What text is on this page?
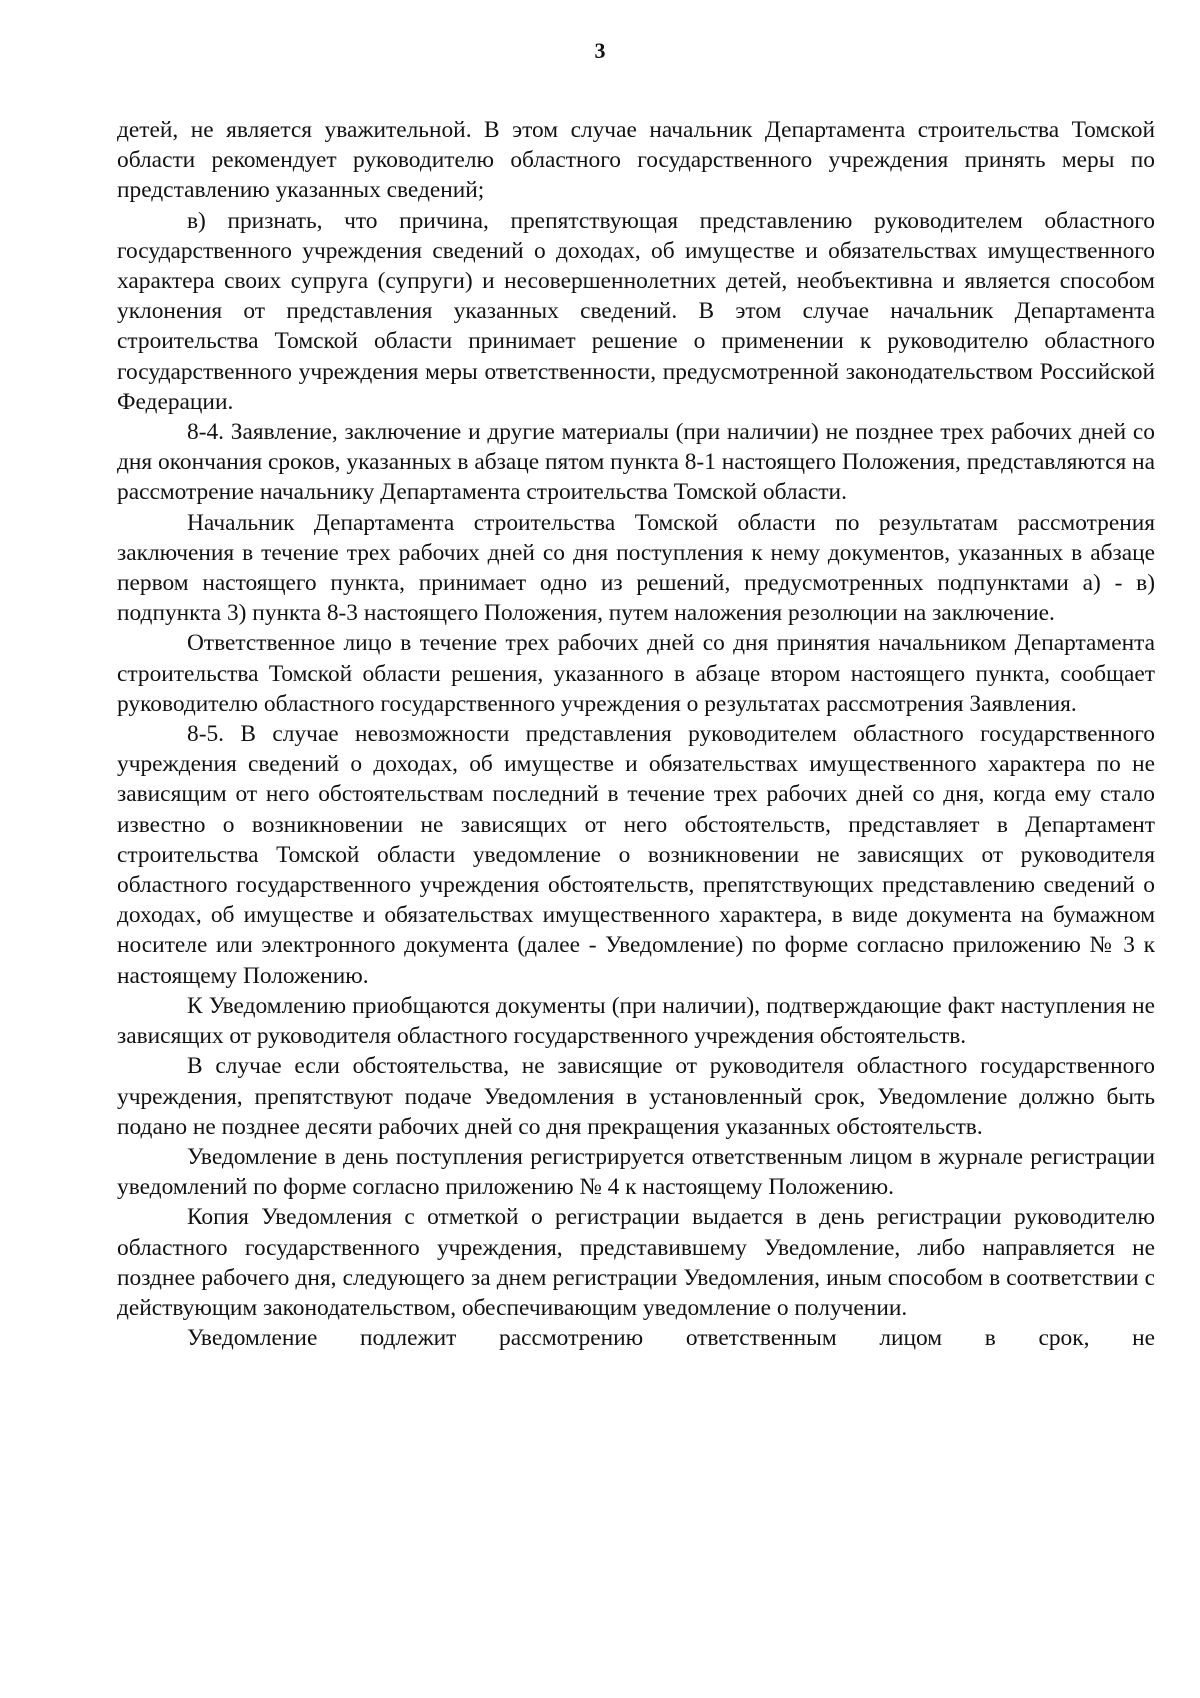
3

детей, не является уважительной. В этом случае начальник Департамента строительства Томской области рекомендует руководителю областного государственного учреждения принять меры по представлению указанных сведений;

в) признать, что причина, препятствующая представлению руководителем областного государственного учреждения сведений о доходах, об имуществе и обязательствах имущественного характера своих супруга (супруги) и несовершеннолетних детей, необъективна и является способом уклонения от представления указанных сведений. В этом случае начальник Департамента строительства Томской области принимает решение о применении к руководителю областного государственного учреждения меры ответственности, предусмотренной законодательством Российской Федерации.

8-4. Заявление, заключение и другие материалы (при наличии) не позднее трех рабочих дней со дня окончания сроков, указанных в абзаце пятом пункта 8-1 настоящего Положения, представляются на рассмотрение начальнику Департамента строительства Томской области.

Начальник Департамента строительства Томской области по результатам рассмотрения заключения в течение трех рабочих дней со дня поступления к нему документов, указанных в абзаце первом настоящего пункта, принимает одно из решений, предусмотренных подпунктами а) - в) подпункта 3) пункта 8-3 настоящего Положения, путем наложения резолюции на заключение.

Ответственное лицо в течение трех рабочих дней со дня принятия начальником Департамента строительства Томской области решения, указанного в абзаце втором настоящего пункта, сообщает руководителю областного государственного учреждения о результатах рассмотрения Заявления.

8-5. В случае невозможности представления руководителем областного государственного учреждения сведений о доходах, об имуществе и обязательствах имущественного характера по не зависящим от него обстоятельствам последний в течение трех рабочих дней со дня, когда ему стало известно о возникновении не зависящих от него обстоятельств, представляет в Департамент строительства Томской области уведомление о возникновении не зависящих от руководителя областного государственного учреждения обстоятельств, препятствующих представлению сведений о доходах, об имуществе и обязательствах имущественного характера, в виде документа на бумажном носителе или электронного документа (далее - Уведомление) по форме согласно приложению № 3 к настоящему Положению.

К Уведомлению приобщаются документы (при наличии), подтверждающие факт наступления не зависящих от руководителя областного государственного учреждения обстоятельств.

В случае если обстоятельства, не зависящие от руководителя областного государственного учреждения, препятствуют подаче Уведомления в установленный срок, Уведомление должно быть подано не позднее десяти рабочих дней со дня прекращения указанных обстоятельств.

Уведомление в день поступления регистрируется ответственным лицом в журнале регистрации уведомлений по форме согласно приложению № 4 к настоящему Положению.

Копия Уведомления с отметкой о регистрации выдается в день регистрации руководителю областного государственного учреждения, представившему Уведомление, либо направляется не позднее рабочего дня, следующего за днем регистрации Уведомления, иным способом в соответствии с действующим законодательством, обеспечивающим уведомление о получении.

Уведомление подлежит рассмотрению ответственным лицом в срок, не
